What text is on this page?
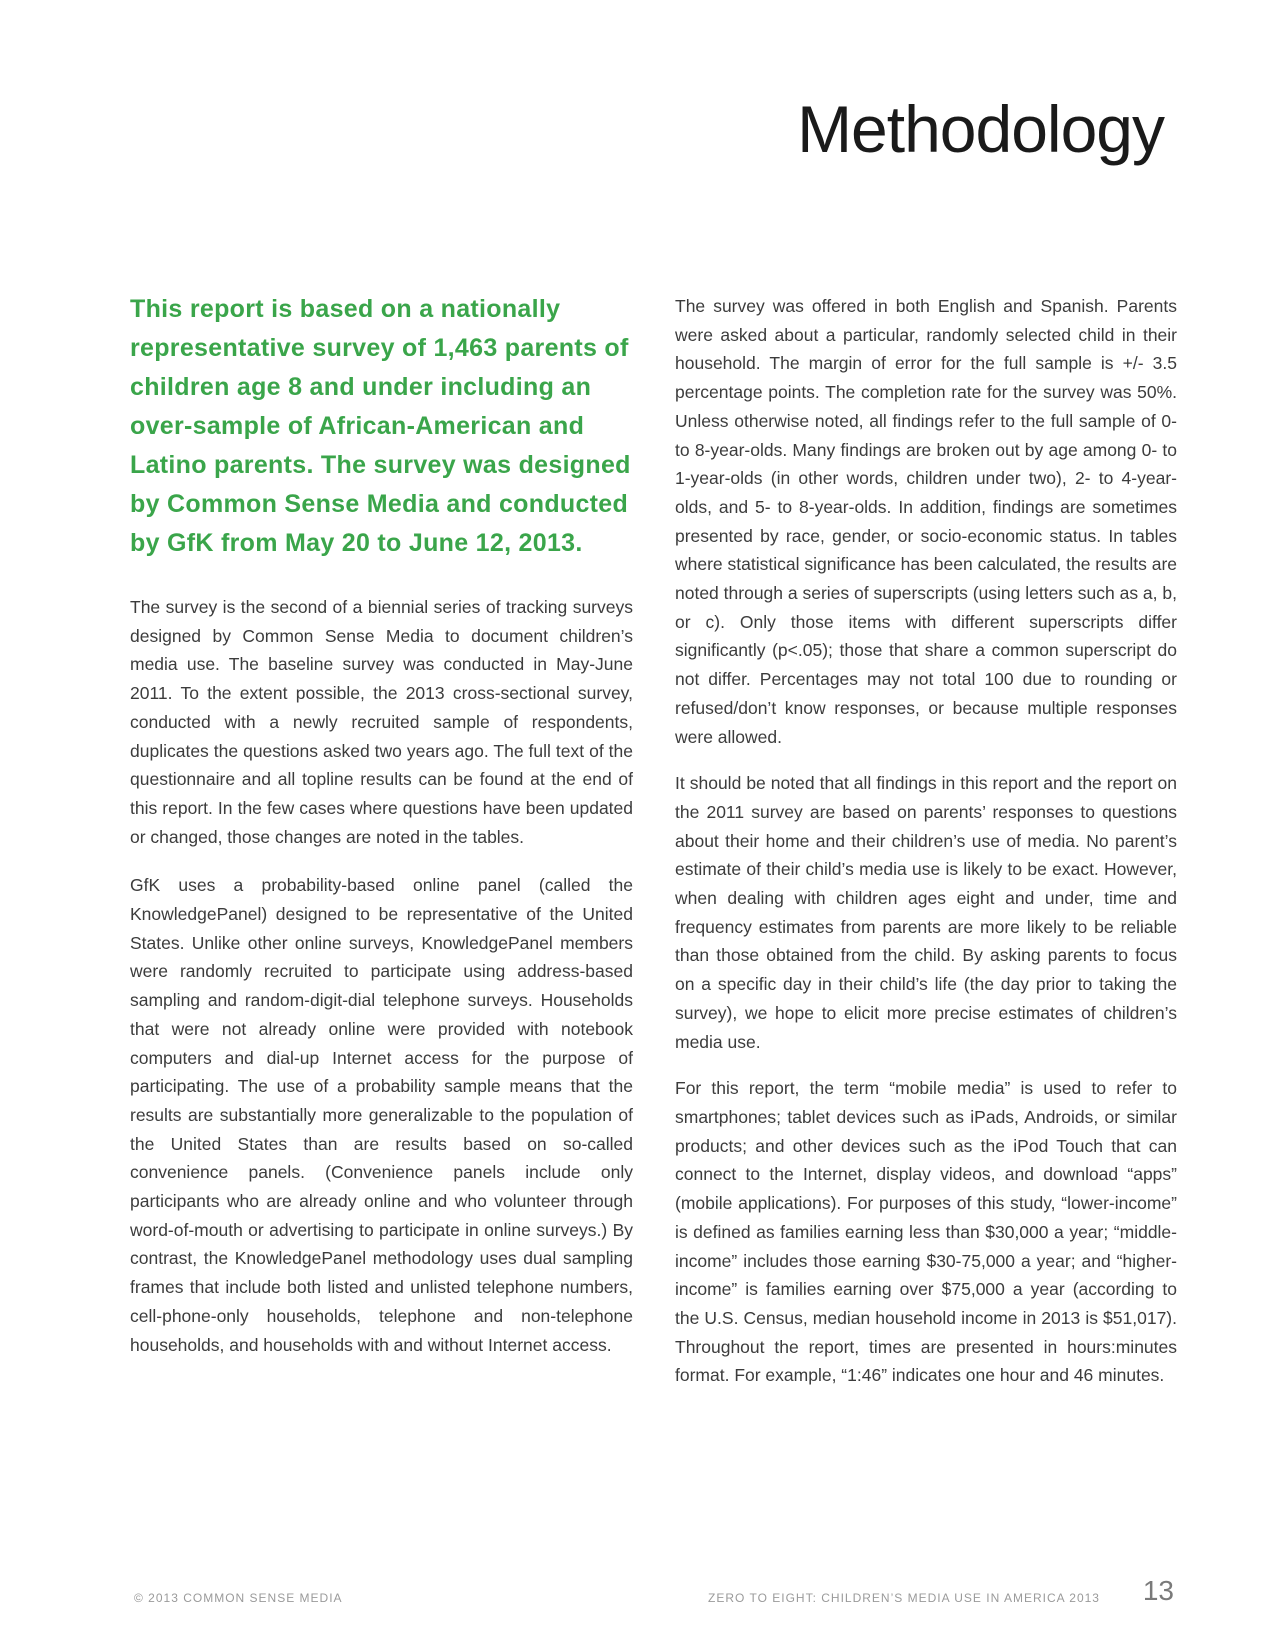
Methodology

This report is based on a nationally representative survey of 1,463 parents of children age 8 and under including an over-sample of African-American and Latino parents. The survey was designed by Common Sense Media and conducted by GfK from May 20 to June 12, 2013.

The survey is the second of a biennial series of tracking surveys designed by Common Sense Media to document children’s media use. The baseline survey was conducted in May-June 2011. To the extent possible, the 2013 cross-sectional survey, conducted with a newly recruited sample of respondents, duplicates the questions asked two years ago. The full text of the questionnaire and all topline results can be found at the end of this report. In the few cases where questions have been updated or changed, those changes are noted in the tables.

GfK uses a probability-based online panel (called the KnowledgePanel) designed to be representative of the United States. Unlike other online surveys, KnowledgePanel members were randomly recruited to participate using address-based sampling and random-digit-dial telephone surveys. Households that were not already online were provided with notebook computers and dial-up Internet access for the purpose of participating. The use of a probability sample means that the results are substantially more generalizable to the population of the United States than are results based on so-called convenience panels. (Convenience panels include only participants who are already online and who volunteer through word-of-mouth or advertising to participate in online surveys.) By contrast, the KnowledgePanel methodology uses dual sampling frames that include both listed and unlisted telephone numbers, cell-phone-only households, telephone and non-telephone households, and households with and without Internet access.

The survey was offered in both English and Spanish. Parents were asked about a particular, randomly selected child in their household. The margin of error for the full sample is +/- 3.5 percentage points. The completion rate for the survey was 50%. Unless otherwise noted, all findings refer to the full sample of 0- to 8-year-olds. Many findings are broken out by age among 0- to 1-year-olds (in other words, children under two), 2- to 4-year-olds, and 5- to 8-year-olds. In addition, findings are sometimes presented by race, gender, or socio-economic status. In tables where statistical significance has been calculated, the results are noted through a series of superscripts (using letters such as a, b, or c). Only those items with different superscripts differ significantly (p<.05); those that share a common superscript do not differ. Percentages may not total 100 due to rounding or refused/don’t know responses, or because multiple responses were allowed.

It should be noted that all findings in this report and the report on the 2011 survey are based on parents’ responses to questions about their home and their children’s use of media. No parent’s estimate of their child’s media use is likely to be exact. However, when dealing with children ages eight and under, time and frequency estimates from parents are more likely to be reliable than those obtained from the child. By asking parents to focus on a specific day in their child’s life (the day prior to taking the survey), we hope to elicit more precise estimates of children’s media use.

For this report, the term “mobile media” is used to refer to smartphones; tablet devices such as iPads, Androids, or similar products; and other devices such as the iPod Touch that can connect to the Internet, display videos, and download “apps” (mobile applications). For purposes of this study, “lower-income” is defined as families earning less than $30,000 a year; “middle-income” includes those earning $30-75,000 a year; and “higher-income” is families earning over $75,000 a year (according to the U.S. Census, median household income in 2013 is $51,017). Throughout the report, times are presented in hours:minutes format. For example, “1:46” indicates one hour and 46 minutes.

© 2013 COMMON SENSE MEDIA	ZERO TO EIGHT: CHILDREN’S MEDIA USE IN AMERICA 2013 13
